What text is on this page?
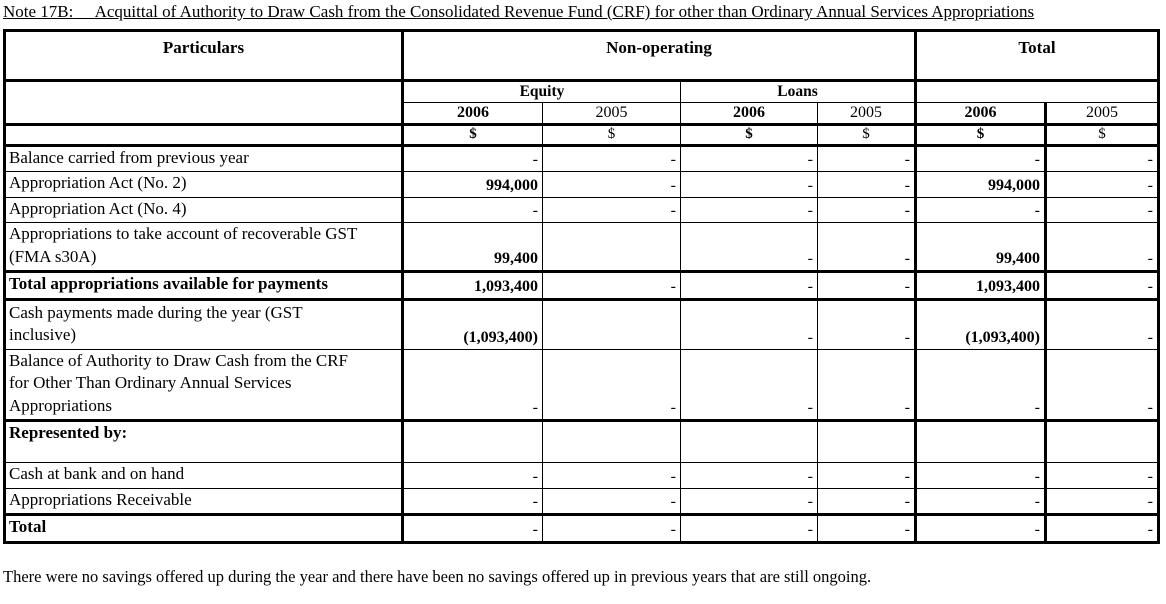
Note 17B: Acquittal of Authority to Draw Cash from the Consolidated Revenue Fund (CRF) for other than Ordinary Annual Services Appropriations
Particulars	Non-operating				Total	
	Equity		Loans			
	2006	2005	2006	2005	2006	2005
	$	$	$	$	$	$
Balance carried from previous year	-	-	-	-	-	-
Appropriation Act (No. 2)	994,000	-	-	-	994,000	-
Appropriation Act (No. 4)	-	-	-	-	-	-
Appropriations to take account of recoverable GST (FMA s30A)	99,400		-	-	99,400	-
Total appropriations available for payments	1,093,400	-	-	-	1,093,400	-
Cash payments made during the year (GST inclusive)	(1,093,400)		-	-	(1,093,400)	-
Balance of Authority to Draw Cash from the CRF for Other Than Ordinary Annual Services Appropriations	-	-	-	-	-	-
Represented by:						
Cash at bank and on hand	-	-	-	-	-	-
Appropriations Receivable	-	-	-	-	-	-
Total	-	-	-	-	-	-
There were no savings offered up during the year and there have been no savings offered up in previous years that are still ongoing.
